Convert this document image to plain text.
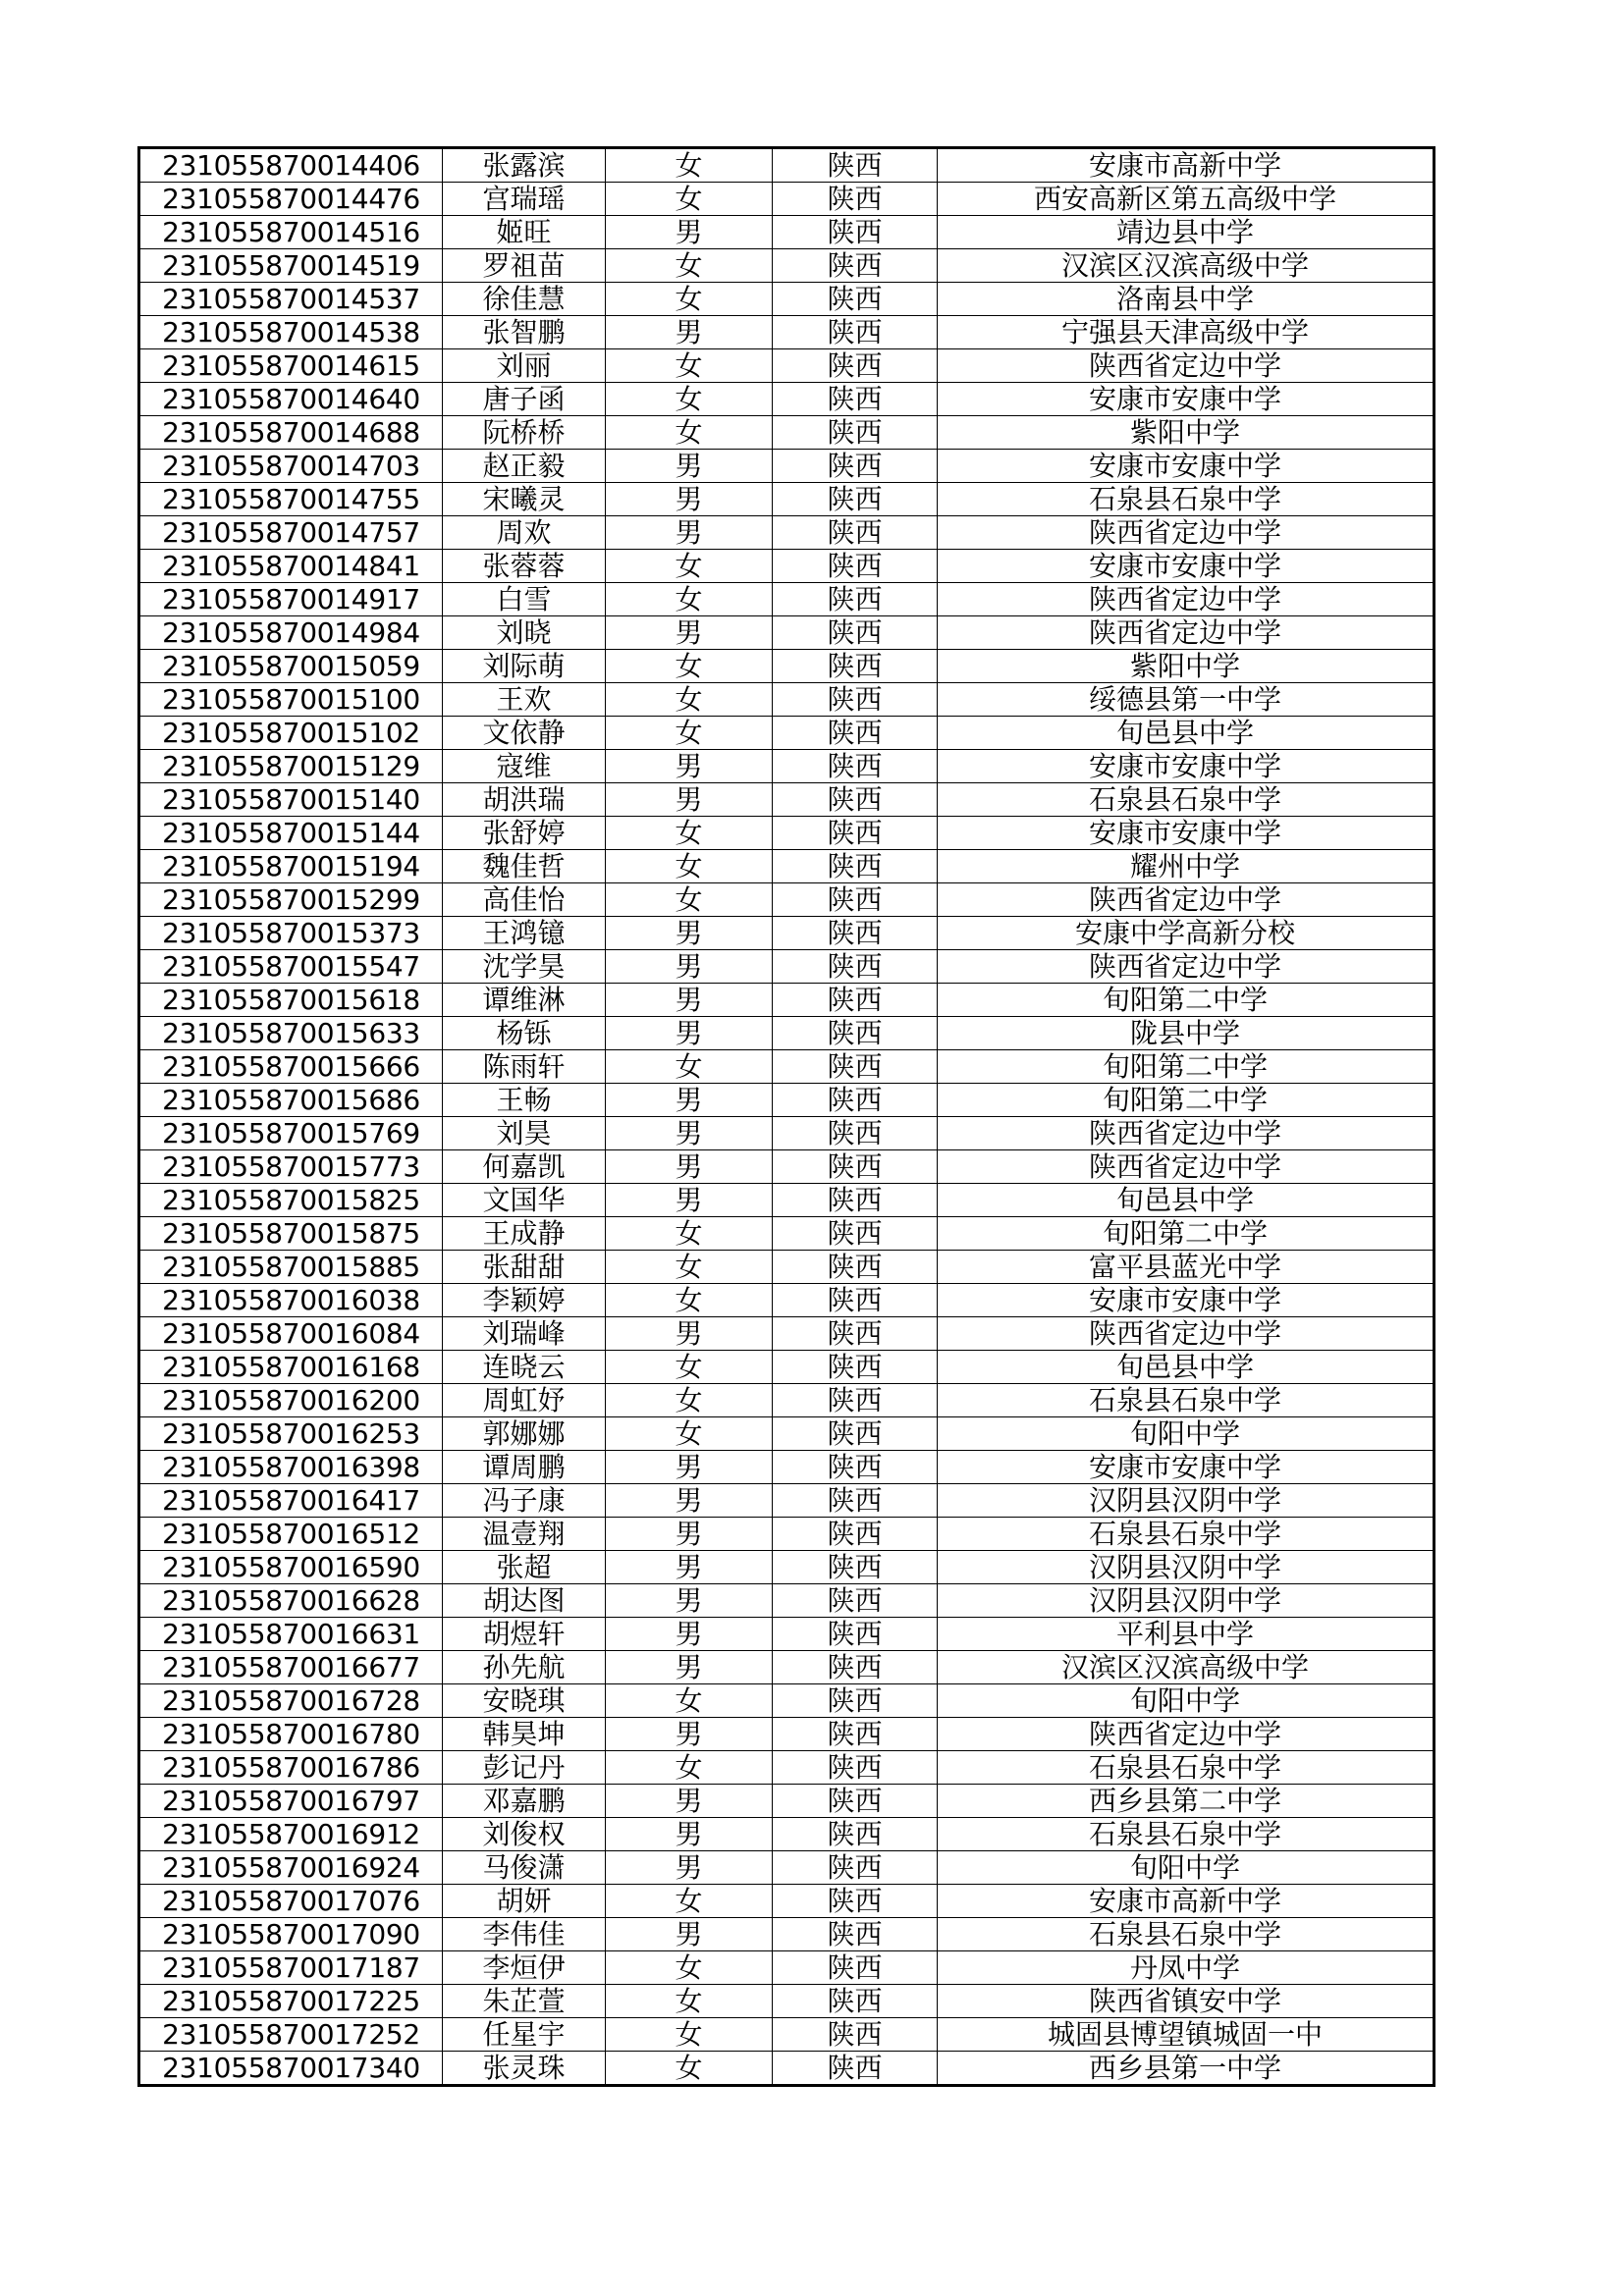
231055870014406	张露滨	女	陕西	安康市高新中学
231055870014476	宫瑞瑶	女	陕西	西安高新区第五高级中学
231055870014516	姬旺	男	陕西	靖边县中学
231055870014519	罗祖苗	女	陕西	汉滨区汉滨高级中学
231055870014537	徐佳慧	女	陕西	洛南县中学
231055870014538	张智鹏	男	陕西	宁强县天津高级中学
231055870014615	刘丽	女	陕西	陕西省定边中学
231055870014640	唐子函	女	陕西	安康市安康中学
231055870014688	阮桥桥	女	陕西	紫阳中学
231055870014703	赵正毅	男	陕西	安康市安康中学
231055870014755	宋曦灵	男	陕西	石泉县石泉中学
231055870014757	周欢	男	陕西	陕西省定边中学
231055870014841	张蓉蓉	女	陕西	安康市安康中学
231055870014917	白雪	女	陕西	陕西省定边中学
231055870014984	刘晓	男	陕西	陕西省定边中学
231055870015059	刘际萌	女	陕西	紫阳中学
231055870015100	王欢	女	陕西	绥德县第一中学
231055870015102	文依静	女	陕西	旬邑县中学
231055870015129	寇维	男	陕西	安康市安康中学
231055870015140	胡洪瑞	男	陕西	石泉县石泉中学
231055870015144	张舒婷	女	陕西	安康市安康中学
231055870015194	魏佳哲	女	陕西	耀州中学
231055870015299	高佳怡	女	陕西	陕西省定边中学
231055870015373	王鸿镱	男	陕西	安康中学高新分校
231055870015547	沈学昊	男	陕西	陕西省定边中学
231055870015618	谭维淋	男	陕西	旬阳第二中学
231055870015633	杨铄	男	陕西	陇县中学
231055870015666	陈雨轩	女	陕西	旬阳第二中学
231055870015686	王畅	男	陕西	旬阳第二中学
231055870015769	刘昊	男	陕西	陕西省定边中学
231055870015773	何嘉凯	男	陕西	陕西省定边中学
231055870015825	文国华	男	陕西	旬邑县中学
231055870015875	王成静	女	陕西	旬阳第二中学
231055870015885	张甜甜	女	陕西	富平县蓝光中学
231055870016038	李颖婷	女	陕西	安康市安康中学
231055870016084	刘瑞峰	男	陕西	陕西省定边中学
231055870016168	连晓云	女	陕西	旬邑县中学
231055870016200	周虹妤	女	陕西	石泉县石泉中学
231055870016253	郭娜娜	女	陕西	旬阳中学
231055870016398	谭周鹏	男	陕西	安康市安康中学
231055870016417	冯子康	男	陕西	汉阴县汉阴中学
231055870016512	温壹翔	男	陕西	石泉县石泉中学
231055870016590	张超	男	陕西	汉阴县汉阴中学
231055870016628	胡达图	男	陕西	汉阴县汉阴中学
231055870016631	胡煜轩	男	陕西	平利县中学
231055870016677	孙先航	男	陕西	汉滨区汉滨高级中学
231055870016728	安晓琪	女	陕西	旬阳中学
231055870016780	韩昊坤	男	陕西	陕西省定边中学
231055870016786	彭记丹	女	陕西	石泉县石泉中学
231055870016797	邓嘉鹏	男	陕西	西乡县第二中学
231055870016912	刘俊权	男	陕西	石泉县石泉中学
231055870016924	马俊潇	男	陕西	旬阳中学
231055870017076	胡妍	女	陕西	安康市高新中学
231055870017090	李伟佳	男	陕西	石泉县石泉中学
231055870017187	李烜伊	女	陕西	丹凤中学
231055870017225	朱芷萱	女	陕西	陕西省镇安中学
231055870017252	任星宇	女	陕西	城固县博望镇城固一中
231055870017340	张灵珠	女	陕西	西乡县第一中学
